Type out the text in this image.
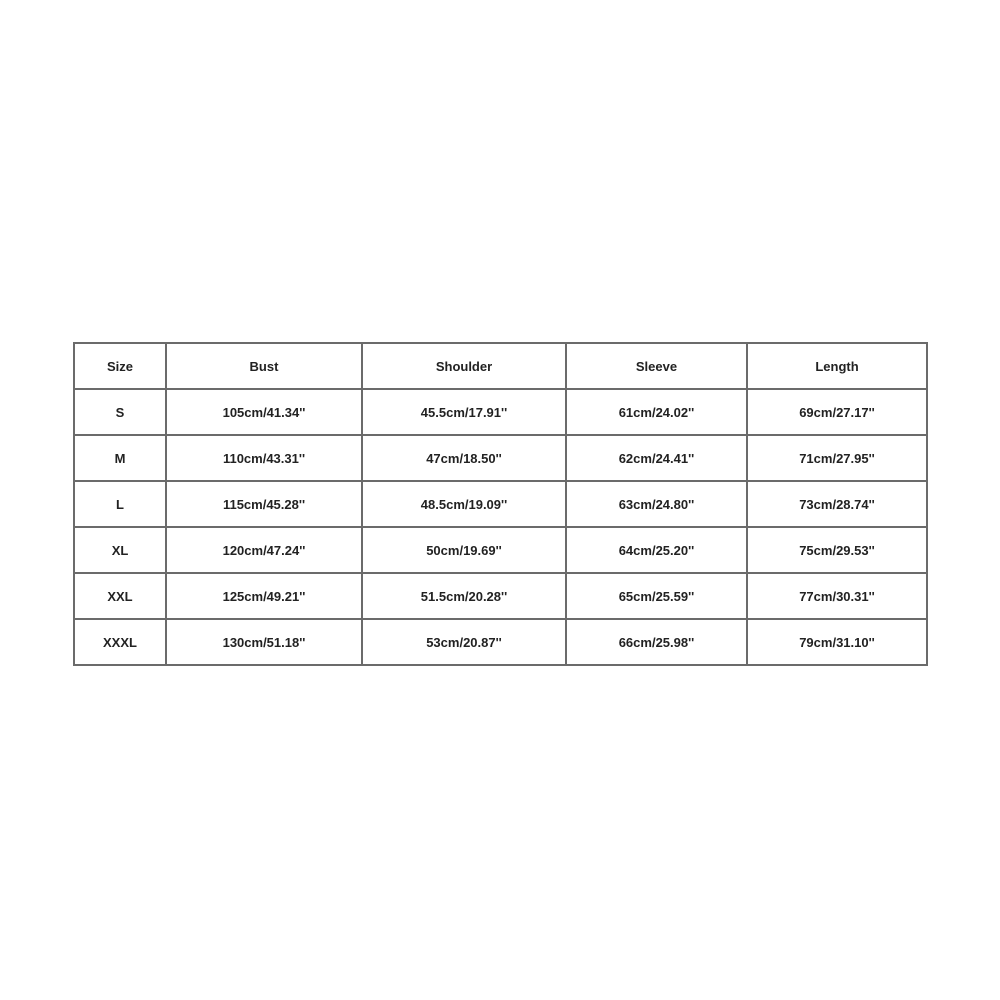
Size	Bust	Shoulder	Sleeve	Length
S	105cm/41.34''	45.5cm/17.91''	61cm/24.02''	69cm/27.17''
M	110cm/43.31''	47cm/18.50''	62cm/24.41''	71cm/27.95''
L	115cm/45.28''	48.5cm/19.09''	63cm/24.80''	73cm/28.74''
XL	120cm/47.24''	50cm/19.69''	64cm/25.20''	75cm/29.53''
XXL	125cm/49.21''	51.5cm/20.28''	65cm/25.59''	77cm/30.31''
XXXL	130cm/51.18''	53cm/20.87''	66cm/25.98''	79cm/31.10''
